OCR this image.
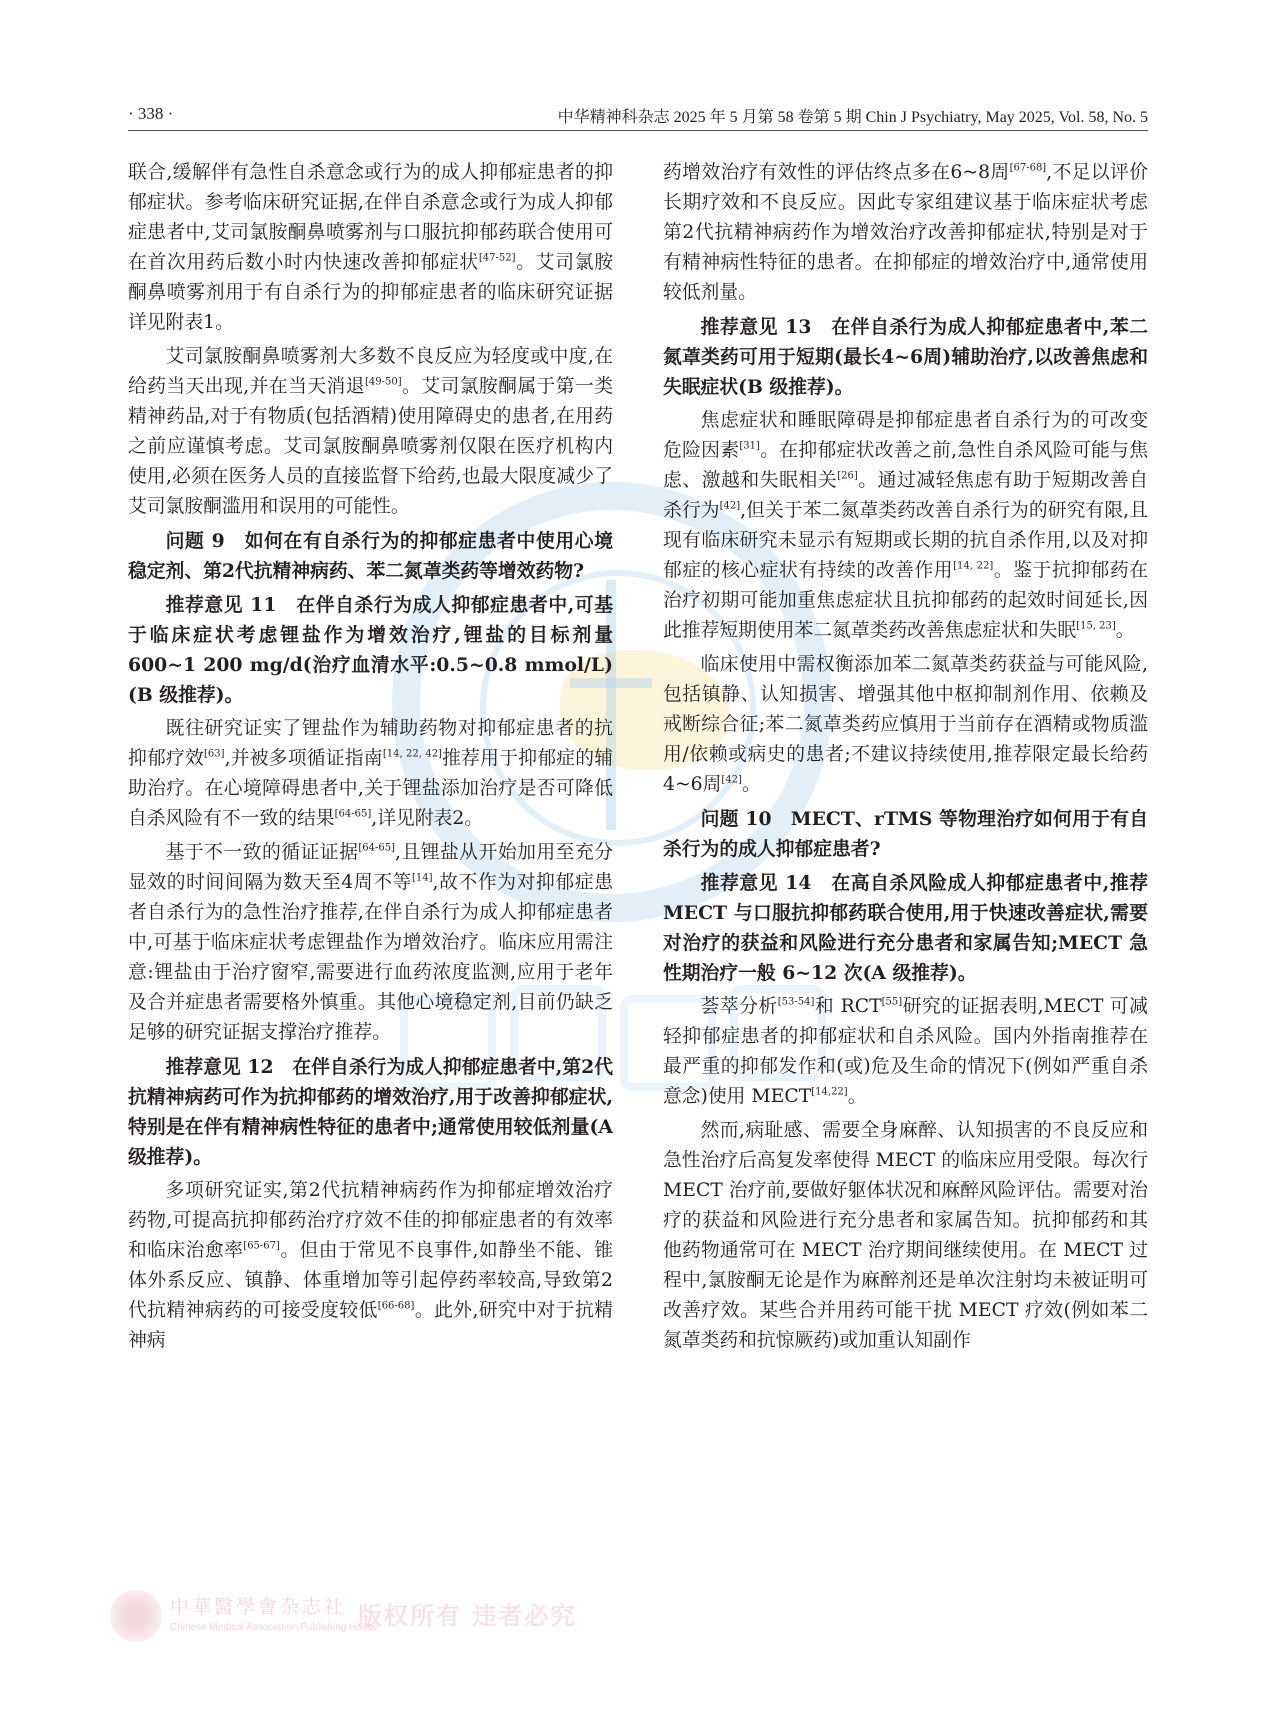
· 338 ·	中华精神科杂志 2025 年 5 月第 58 卷第 5 期 Chin J Psychiatry, May 2025, Vol. 58, No. 5

联合,缓解伴有急性自杀意念或行为的成人抑郁症患者的抑郁症状。参考临床研究证据,在伴自杀意念或行为成人抑郁症患者中,艾司氯胺酮鼻喷雾剂与口服抗抑郁药联合使用可在首次用药后数小时内快速改善抑郁症状[47-52]。艾司氯胺酮鼻喷雾剂用于有自杀行为的抑郁症患者的临床研究证据详见附表1。

艾司氯胺酮鼻喷雾剂大多数不良反应为轻度或中度,在给药当天出现,并在当天消退[49-50]。艾司氯胺酮属于第一类精神药品,对于有物质(包括酒精)使用障碍史的患者,在用药之前应谨慎考虑。艾司氯胺酮鼻喷雾剂仅限在医疗机构内使用,必须在医务人员的直接监督下给药,也最大限度减少了艾司氯胺酮滥用和误用的可能性。

问题 9　如何在有自杀行为的抑郁症患者中使用心境稳定剂、第2代抗精神病药、苯二氮䓬类药等增效药物?

推荐意见 11　在伴自杀行为成人抑郁症患者中,可基于临床症状考虑锂盐作为增效治疗,锂盐的目标剂量 600~1 200 mg/d(治疗血清水平:0.5~0.8 mmol/L)(B 级推荐)。

既往研究证实了锂盐作为辅助药物对抑郁症患者的抗抑郁疗效[63],并被多项循证指南[14, 22, 42]推荐用于抑郁症的辅助治疗。在心境障碍患者中,关于锂盐添加治疗是否可降低自杀风险有不一致的结果[64-65],详见附表2。

基于不一致的循证证据[64-65],且锂盐从开始加用至充分显效的时间间隔为数天至4周不等[14],故不作为对抑郁症患者自杀行为的急性治疗推荐,在伴自杀行为成人抑郁症患者中,可基于临床症状考虑锂盐作为增效治疗。临床应用需注意:锂盐由于治疗窗窄,需要进行血药浓度监测,应用于老年及合并症患者需要格外慎重。其他心境稳定剂,目前仍缺乏足够的研究证据支撑治疗推荐。

推荐意见 12　在伴自杀行为成人抑郁症患者中,第2代抗精神病药可作为抗抑郁药的增效治疗,用于改善抑郁症状,特别是在伴有精神病性特征的患者中;通常使用较低剂量(A 级推荐)。

多项研究证实,第2代抗精神病药作为抑郁症增效治疗药物,可提高抗抑郁药治疗疗效不佳的抑郁症患者的有效率和临床治愈率[65-67]。但由于常见不良事件,如静坐不能、锥体外系反应、镇静、体重增加等引起停药率较高,导致第2代抗精神病药的可接受度较低[66-68]。此外,研究中对于抗精神病

药增效治疗有效性的评估终点多在6~8周[67-68],不足以评价长期疗效和不良反应。因此专家组建议基于临床症状考虑第2代抗精神病药作为增效治疗改善抑郁症状,特别是对于有精神病性特征的患者。在抑郁症的增效治疗中,通常使用较低剂量。

推荐意见 13　在伴自杀行为成人抑郁症患者中,苯二氮䓬类药可用于短期(最长4~6周)辅助治疗,以改善焦虑和失眠症状(B 级推荐)。

焦虑症状和睡眠障碍是抑郁症患者自杀行为的可改变危险因素[31]。在抑郁症状改善之前,急性自杀风险可能与焦虑、激越和失眠相关[26]。通过减轻焦虑有助于短期改善自杀行为[42],但关于苯二氮䓬类药改善自杀行为的研究有限,且现有临床研究未显示有短期或长期的抗自杀作用,以及对抑郁症的核心症状有持续的改善作用[14, 22]。鉴于抗抑郁药在治疗初期可能加重焦虑症状且抗抑郁药的起效时间延长,因此推荐短期使用苯二氮䓬类药改善焦虑症状和失眠[15, 23]。

临床使用中需权衡添加苯二氮䓬类药获益与可能风险,包括镇静、认知损害、增强其他中枢抑制剂作用、依赖及戒断综合征;苯二氮䓬类药应慎用于当前存在酒精或物质滥用/依赖或病史的患者;不建议持续使用,推荐限定最长给药4~6周[42]。

问题 10　MECT、rTMS 等物理治疗如何用于有自杀行为的成人抑郁症患者?

推荐意见 14　在高自杀风险成人抑郁症患者中,推荐 MECT 与口服抗抑郁药联合使用,用于快速改善症状,需要对治疗的获益和风险进行充分患者和家属告知;MECT 急性期治疗一般 6~12 次(A 级推荐)。

荟萃分析[53-54]和 RCT[55]研究的证据表明,MECT 可减轻抑郁症患者的抑郁症状和自杀风险。国内外指南推荐在最严重的抑郁发作和(或)危及生命的情况下(例如严重自杀意念)使用 MECT[14,22]。

然而,病耻感、需要全身麻醉、认知损害的不良反应和急性治疗后高复发率使得 MECT 的临床应用受限。每次行 MECT 治疗前,要做好躯体状况和麻醉风险评估。需要对治疗的获益和风险进行充分患者和家属告知。抗抑郁药和其他药物通常可在 MECT 治疗期间继续使用。在 MECT 过程中,氯胺酮无论是作为麻醉剂还是单次注射均未被证明可改善疗效。某些合并用药可能干扰 MECT 疗效(例如苯二氮䓬类药和抗惊厥药)或加重认知副作

中華醫學會杂志社
Chinese Medical Association Publishing House
版权所有 违者必究
